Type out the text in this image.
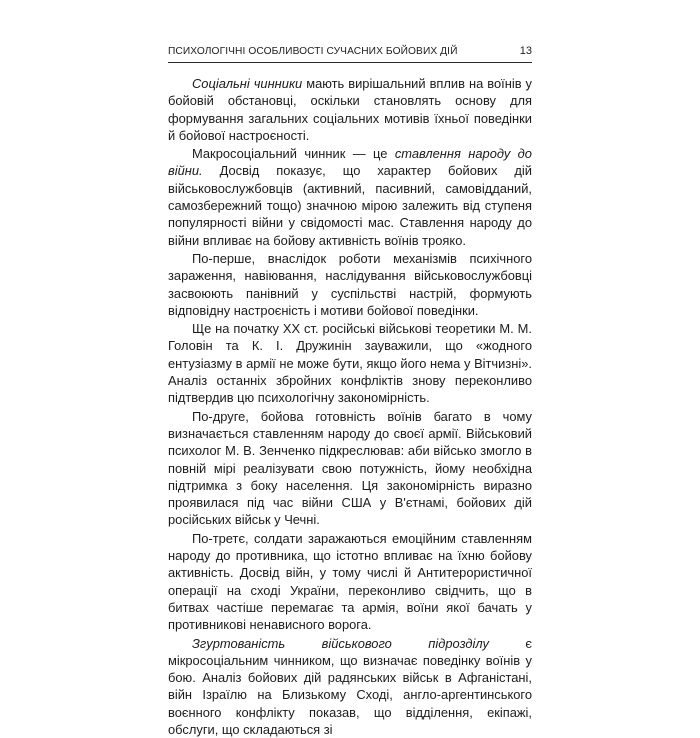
ПСИХОЛОГІЧНІ ОСОБЛИВОСТІ СУЧАСНИХ БОЙОВИХ ДІЙ	13

Соціальні чинники мають вирішальний вплив на воїнів у бойовій обстановці, оскільки становлять основу для формування загальних соціальних мотивів їхньої поведінки й бойової настроєності.

Макросоціальний чинник — це ставлення народу до війни. Досвід показує, що характер бойових дій військовослужбовців (активний, пасивний, самовідданий, самозбережний тощо) значною мірою залежить від ступеня популярності війни у свідомості мас. Ставлення народу до війни впливає на бойову активність воїнів трояко.

По-перше, внаслідок роботи механізмів психічного зараження, навіювання, наслідування військовослужбовці засвоюють панівний у суспільстві настрій, формують відповідну настроєність і мотиви бойової поведінки.

Ще на початку XX ст. російські військові теоретики М. М. Головін та К. І. Дружинін зауважили, що «жодного ентузіазму в армії не може бути, якщо його нема у Вітчизні». Аналіз останніх збройних конфліктів знову переконливо підтвердив цю психологічну закономірність.

По-друге, бойова готовність воїнів багато в чому визначається ставленням народу до своєї армії. Військовий психолог М. В. Зенченко підкреслював: аби військо змогло в повній мірі реалізувати свою потужність, йому необхідна підтримка з боку населення. Ця закономірність виразно проявилася під час війни США у В'єтнамі, бойових дій російських військ у Чечні.

По-третє, солдати заражаються емоційним ставленням народу до противника, що істотно впливає на їхню бойову активність. Досвід війн, у тому числі й Антитерористичної операції на сході України, переконливо свідчить, що в битвах частіше перемагає та армія, воїни якої бачать у противникові ненависного ворога.

Згуртованість військового підрозділу є мікросоціальним чинником, що визначає поведінку воїнів у бою. Аналіз бойових дій радянських військ в Афганістані, війн Ізраїлю на Близькому Сході, англо-аргентинського воєнного конфлікту показав, що відділення, екіпажі, обслуги, що складаються зі
